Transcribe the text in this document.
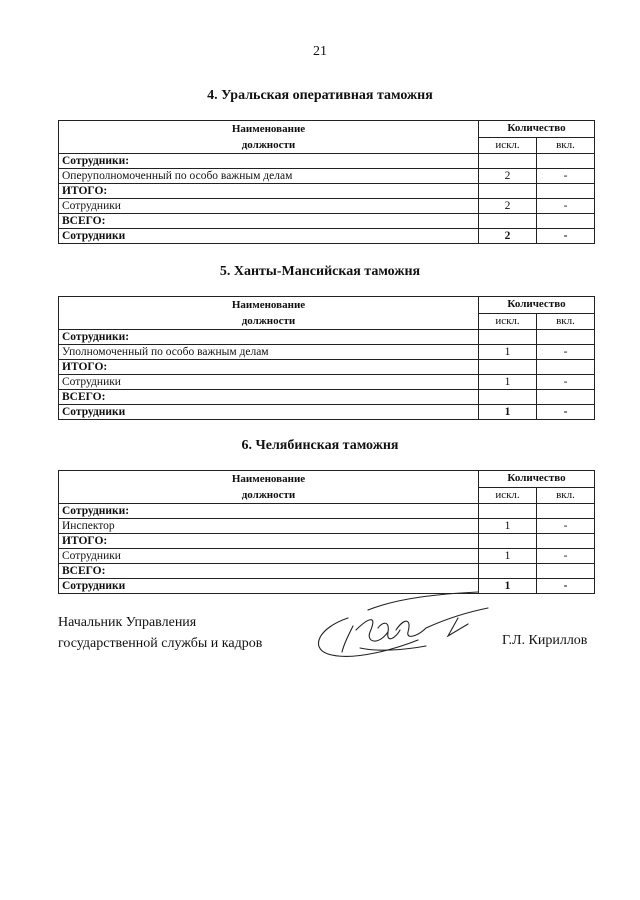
21
4. Уральская оперативная таможня
Наименование
должности	Количество	
	искл.	вкл.
Сотрудники:		
Оперуполномоченный по особо важным делам	2	-
ИТОГО:		
Сотрудники	2	-
ВСЕГО:		
Сотрудники	2	-
5. Ханты-Мансийская таможня
Наименование
должности	Количество	
	искл.	вкл.
Сотрудники:		
Уполномоченный по особо важным делам	1	-
ИТОГО:		
Сотрудники	1	-
ВСЕГО:		
Сотрудники	1	-
6. Челябинская таможня
Наименование
должности	Количество	
	искл.	вкл.
Сотрудники:		
Инспектор	1	-
ИТОГО:		
Сотрудники	1	-
ВСЕГО:		
Сотрудники	1	-
Начальник Управления
государственной службы и кадров	Г.Л. Кириллов
